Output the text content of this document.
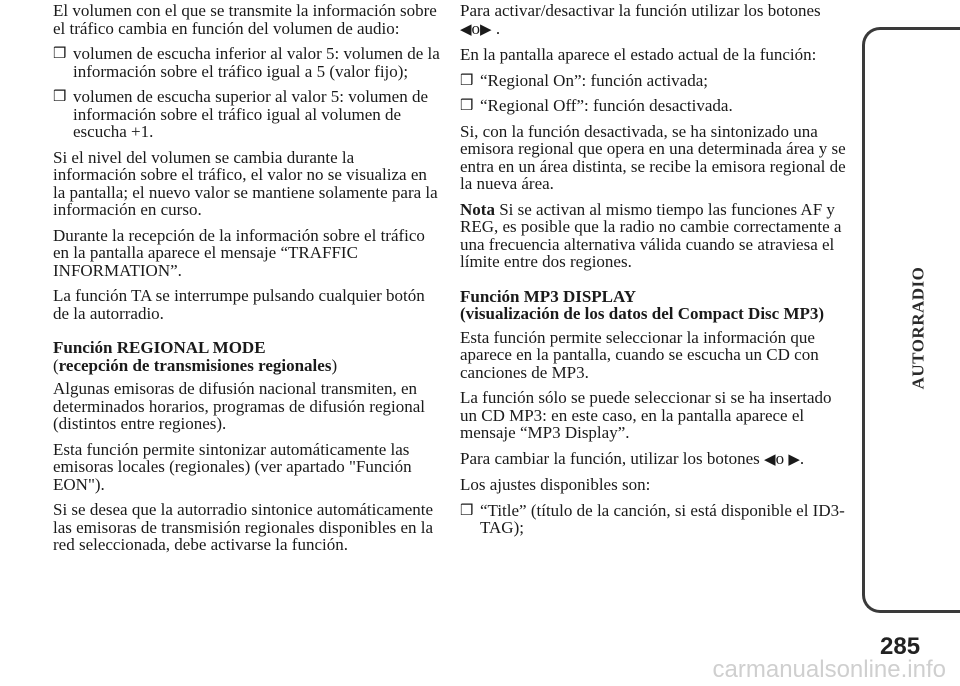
El volumen con el que se transmite la información sobre el tráfico cambia en función del volumen de audio:

❒ volumen de escucha inferior al valor 5: volumen de la información sobre el tráfico igual a 5 (valor fijo);
❒ volumen de escucha superior al valor 5: volumen de información sobre el tráfico igual al volumen de escucha +1.

Si el nivel del volumen se cambia durante la información sobre el tráfico, el valor no se visualiza en la pantalla; el nuevo valor se mantiene solamente para la información en curso.

Durante la recepción de la información sobre el tráfico en la pantalla aparece el mensaje “TRAFFIC INFORMATION”.

La función TA se interrumpe pulsando cualquier botón de la autorradio.

Función REGIONAL MODE
(recepción de transmisiones regionales)

Algunas emisoras de difusión nacional transmiten, en determinados horarios, programas de difusión regional (distintos entre regiones).

Esta función permite sintonizar automáticamente las emisoras locales (regionales) (ver apartado "Función EON").

Si se desea que la autorradio sintonice automáticamente las emisoras de transmisión regionales disponibles en la red seleccionada, debe activarse la función.

Para activar/desactivar la función utilizar los botones ◀o▶ .

En la pantalla aparece el estado actual de la función:

❒ “Regional On”: función activada;
❒ “Regional Off”: función desactivada.

Si, con la función desactivada, se ha sintonizado una emisora regional que opera en una determinada área y se entra en un área distinta, se recibe la emisora regional de la nueva área.

Nota Si se activan al mismo tiempo las funciones AF y REG, es posible que la radio no cambie correctamente a una frecuencia alternativa válida cuando se atraviesa el límite entre dos regiones.

Función MP3 DISPLAY
(visualización de los datos del Compact Disc MP3)

Esta función permite seleccionar la información que aparece en la pantalla, cuando se escucha un CD con canciones de MP3.

La función sólo se puede seleccionar si se ha insertado un CD MP3: en este caso, en la pantalla aparece el mensaje “MP3 Display”.

Para cambiar la función, utilizar los botones ◀o ▶.

Los ajustes disponibles son:

❒ “Title” (título de la canción, si está disponible el ID3-TAG);
AUTORRADIO
285
carmanualsonline.info
